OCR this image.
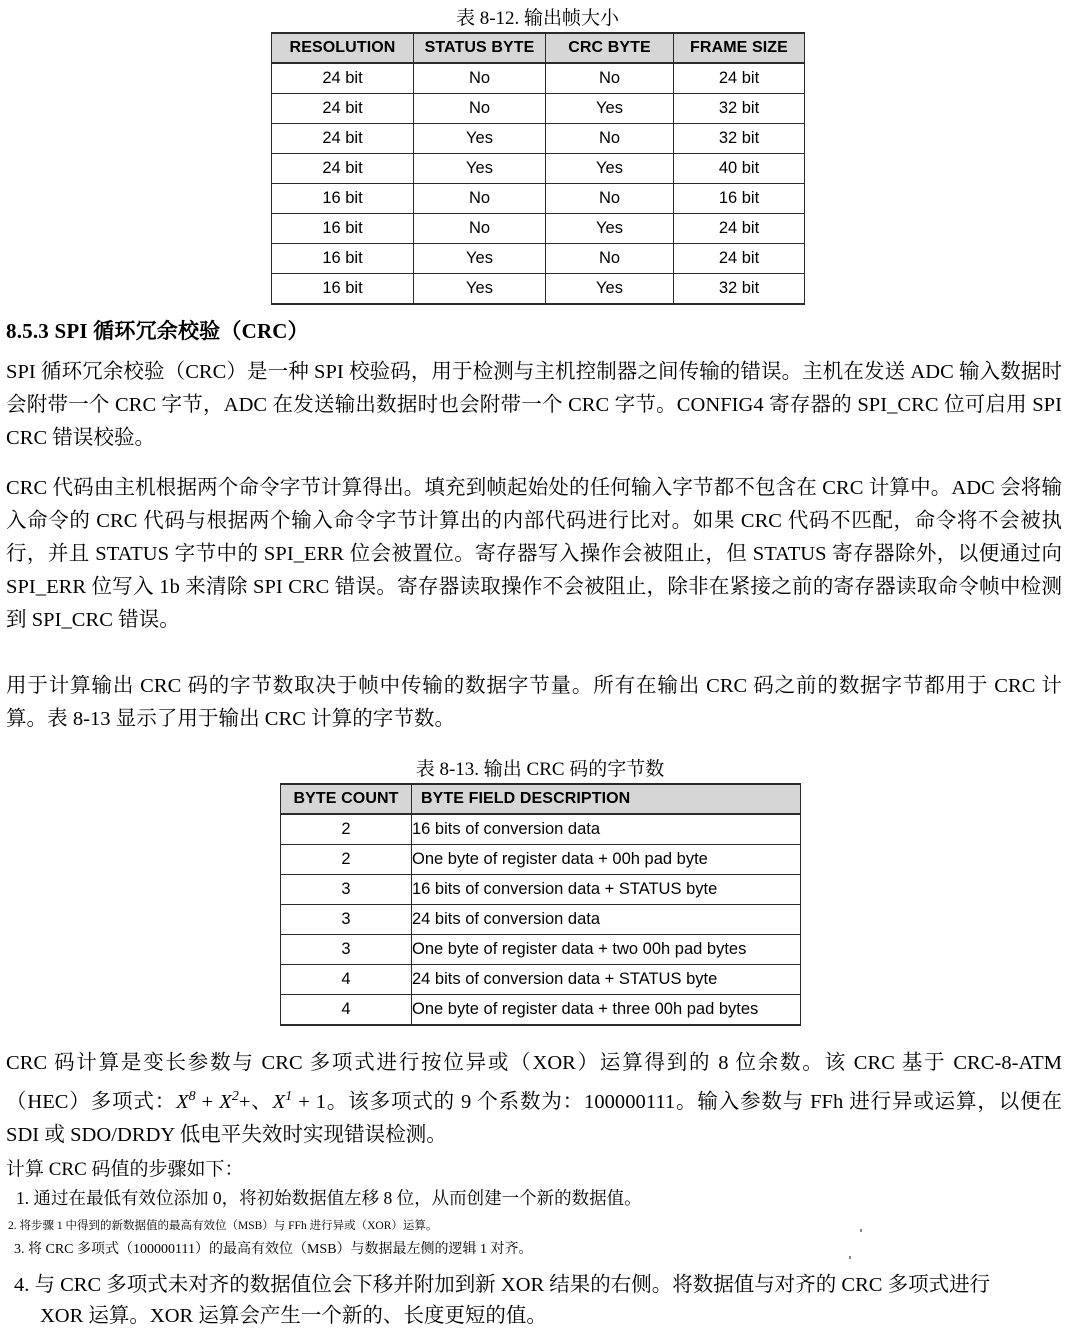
表 8-12. 输出帧大小
RESOLUTION	STATUS BYTE	CRC BYTE	FRAME SIZE
24 bit	No	No	24 bit
24 bit	No	Yes	32 bit
24 bit	Yes	No	32 bit
24 bit	Yes	Yes	40 bit
16 bit	No	No	16 bit
16 bit	No	Yes	24 bit
16 bit	Yes	No	24 bit
16 bit	Yes	Yes	32 bit
8.5.3 SPI 循环冗余校验（CRC）
SPI 循环冗余校验（CRC）是一种 SPI 校验码，用于检测与主机控制器之间传输的错误。主机在发送 ADC 输入数据时会附带一个 CRC 字节，ADC 在发送输出数据时也会附带一个 CRC 字节。CONFIG4 寄存器的 SPI_CRC 位可启用 SPI CRC 错误校验。
CRC 代码由主机根据两个命令字节计算得出。填充到帧起始处的任何输入字节都不包含在 CRC 计算中。ADC 会将输入命令的 CRC 代码与根据两个输入命令字节计算出的内部代码进行比对。如果 CRC 代码不匹配，命令将不会被执行，并且 STATUS 字节中的 SPI_ERR 位会被置位。寄存器写入操作会被阻止，但 STATUS 寄存器除外，以便通过向 SPI_ERR 位写入 1b 来清除 SPI CRC 错误。寄存器读取操作不会被阻止，除非在紧接之前的寄存器读取命令帧中检测到 SPI_CRC 错误。
用于计算输出 CRC 码的字节数取决于帧中传输的数据字节量。所有在输出 CRC 码之前的数据字节都用于 CRC 计算。表 8-13 显示了用于输出 CRC 计算的字节数。
表 8-13. 输出 CRC 码的字节数
BYTE COUNT	BYTE FIELD DESCRIPTION
2	16 bits of conversion data
2	One byte of register data + 00h pad byte
3	16 bits of conversion data + STATUS byte
3	24 bits of conversion data
3	One byte of register data + two 00h pad bytes
4	24 bits of conversion data + STATUS byte
4	One byte of register data + three 00h pad bytes
CRC 码计算是变长参数与 CRC 多项式进行按位异或（XOR）运算得到的 8 位余数。该 CRC 基于 CRC-8-ATM（HEC）多项式：$X^8 + X^2+$、$X^1 + 1$。该多项式的 9 个系数为：100000111。输入参数与 FFh 进行异或运算，以便在 SDI 或 SDO/DRDY 低电平失效时实现错误检测。
计算 CRC 码值的步骤如下：
1. 通过在最低有效位添加 0，将初始数据值左移 8 位，从而创建一个新的数据值。
2. 将步骤 1 中得到的新数据值的最高有效位（MSB）与 FFh 进行异或（XOR）运算。
3. 将 CRC 多项式（100000111）的最高有效位（MSB）与数据最左侧的逻辑 1 对齐。
4. 与 CRC 多项式未对齐的数据值位会下移并附加到新 XOR 结果的右侧。将数据值与对齐的 CRC 多项式进行
XOR 运算。XOR 运算会产生一个新的、长度更短的值。
